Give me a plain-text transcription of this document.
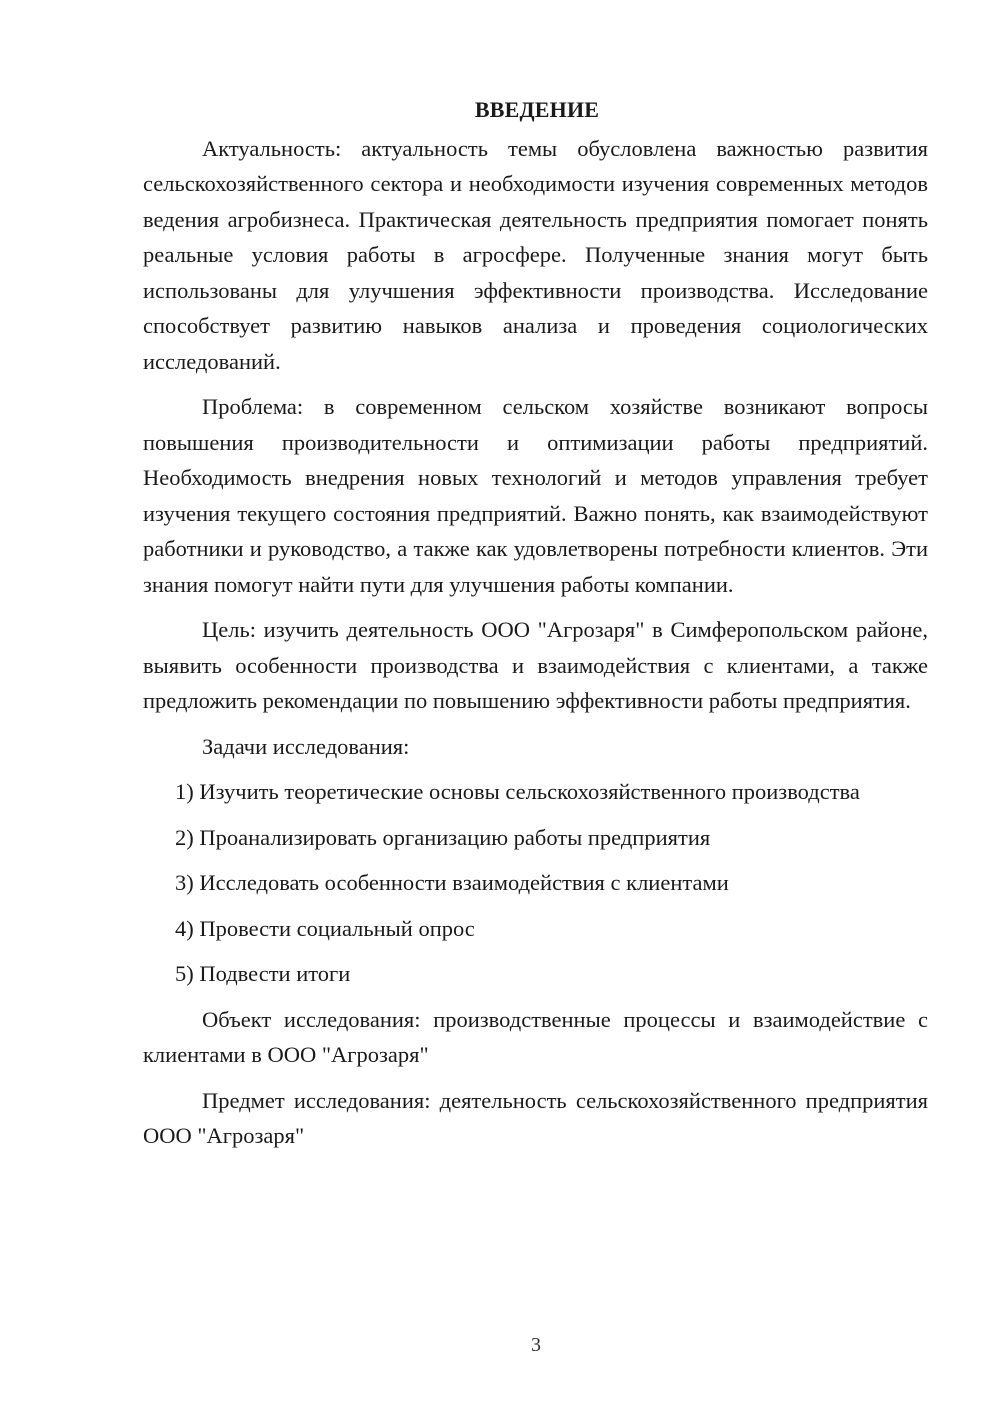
ВВЕДЕНИЕ

Актуальность: актуальность темы обусловлена важностью развития сельскохозяйственного сектора и необходимости изучения современных методов ведения агробизнеса. Практическая деятельность предприятия помогает понять реальные условия работы в агросфере. Полученные знания могут быть использованы для улучшения эффективности производства. Исследование способствует развитию навыков анализа и проведения социологических исследований.

Проблема: в современном сельском хозяйстве возникают вопросы повышения производительности и оптимизации работы предприятий. Необходимость внедрения новых технологий и методов управления требует изучения текущего состояния предприятий. Важно понять, как взаимодействуют работники и руководство, а также как удовлетворены потребности клиентов. Эти знания помогут найти пути для улучшения работы компании.

Цель: изучить деятельность ООО "Агрозаря" в Симферопольском районе, выявить особенности производства и взаимодействия с клиентами, а также предложить рекомендации по повышению эффективности работы предприятия.

Задачи исследования:

1) Изучить теоретические основы сельскохозяйственного производства

2) Проанализировать организацию работы предприятия

3) Исследовать особенности взаимодействия с клиентами

4) Провести социальный опрос

5) Подвести итоги

Объект исследования: производственные процессы и взаимодействие с клиентами в ООО "Агрозаря"

Предмет исследования: деятельность сельскохозяйственного предприятия ООО "Агрозаря"

3
